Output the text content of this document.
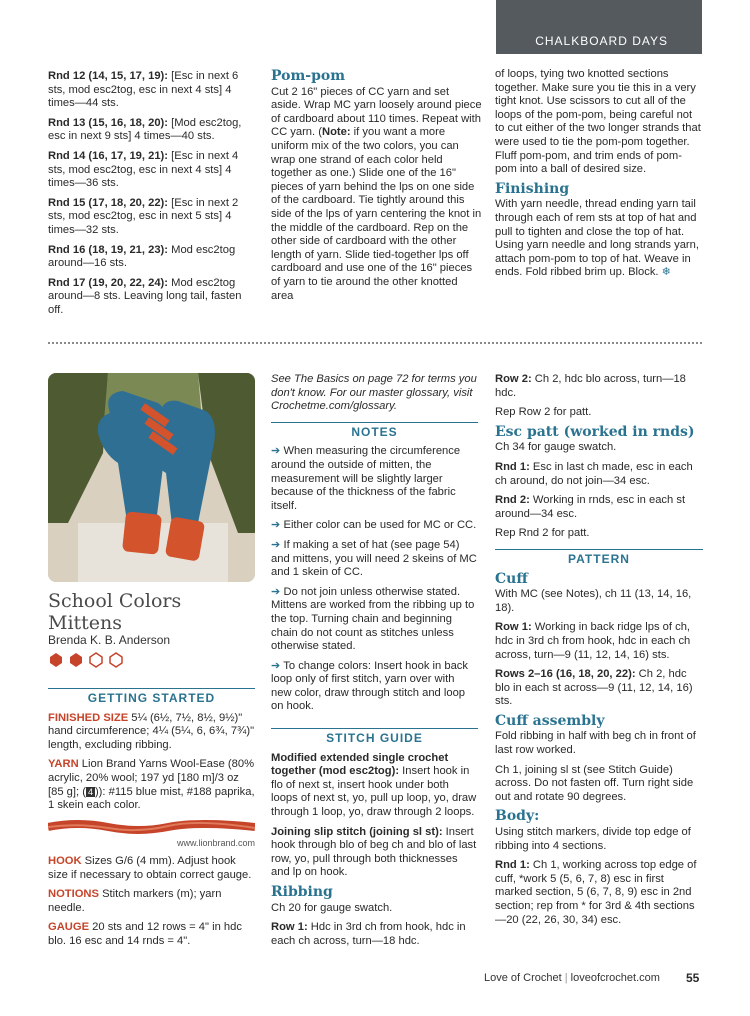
CHALKBOARD DAYS

Rnd 12 (14, 15, 17, 19): [Esc in next 6 sts, mod esc2tog, esc in next 4 sts] 4 times—44 sts.

Rnd 13 (15, 16, 18, 20): [Mod esc2tog, esc in next 9 sts] 4 times—40 sts.

Rnd 14 (16, 17, 19, 21): [Esc in next 4 sts, mod esc2tog, esc in next 4 sts] 4 times—36 sts.

Rnd 15 (17, 18, 20, 22): [Esc in next 2 sts, mod esc2tog, esc in next 5 sts] 4 times—32 sts.

Rnd 16 (18, 19, 21, 23): Mod esc2tog around—16 sts.

Rnd 17 (19, 20, 22, 24): Mod esc2tog around—8 sts. Leaving long tail, fasten off.

Pom-pom

Cut 2 16" pieces of CC yarn and set aside. Wrap MC yarn loosely around piece of cardboard about 110 times. Repeat with CC yarn. (Note: if you want a more uniform mix of the two colors, you can wrap one strand of each color held together as one.) Slide one of the 16" pieces of yarn behind the lps on one side of the cardboard. Tie tightly around this side of the lps of yarn centering the knot in the middle of the cardboard. Rep on the other side of cardboard with the other length of yarn. Slide tied-together lps off cardboard and use one of the 16" pieces of yarn to tie around the other knotted area

of loops, tying two knotted sections together. Make sure you tie this in a very tight knot. Use scissors to cut all of the loops of the pom-pom, being careful not to cut either of the two longer strands that were used to tie the pom-pom together. Fluff pom-pom, and trim ends of pom-pom into a ball of desired size.

Finishing

With yarn needle, thread ending yarn tail through each of rem sts at top of hat and pull to tighten and close the top of hat. Using yarn needle and long strands yarn, attach pom-pom to top of hat. Weave in ends. Fold ribbed brim up. Block. ❄

School Colors Mittens
Brenda K. B. Anderson
GETTING STARTED

FINISHED SIZE 5¼ (6½, 7½, 8½, 9½)" hand circumference; 4¼ (5¼, 6, 6¾, 7¾)" length, excluding ribbing.

YARN Lion Brand Yarns Wool-Ease (80% acrylic, 20% wool; 197 yd [180 m]/3 oz [85 g]; ( 4 )): #115 blue mist, #188 paprika, 1 skein each color.

www.lionbrand.com

HOOK Sizes G/6 (4 mm). Adjust hook size if necessary to obtain correct gauge.

NOTIONS Stitch markers (m); yarn needle.

GAUGE 20 sts and 12 rows = 4" in hdc blo. 16 esc and 14 rnds = 4".

See The Basics on page 72 for terms you don't know. For our master glossary, visit Crochetme.com/glossary.

NOTES

➔ When measuring the circumference around the outside of mitten, the measurement will be slightly larger because of the thickness of the fabric itself.

➔ Either color can be used for MC or CC.

➔ If making a set of hat (see page 54) and mittens, you will need 2 skeins of MC and 1 skein of CC.

➔ Do not join unless otherwise stated. Mittens are worked from the ribbing up to the top. Turning chain and beginning chain do not count as stitches unless otherwise stated.

➔ To change colors: Insert hook in back loop only of first stitch, yarn over with new color, draw through stitch and loop on hook.

STITCH GUIDE

Modified extended single crochet together (mod esc2tog): Insert hook in flo of next st, insert hook under both loops of next st, yo, pull up loop, yo, draw through 1 loop, yo, draw through 2 loops.

Joining slip stitch (joining sl st): Insert hook through blo of beg ch and blo of last row, yo, pull through both thicknesses and lp on hook.

Ribbing

Ch 20 for gauge swatch.

Row 1: Hdc in 3rd ch from hook, hdc in each ch across, turn—18 hdc.

Row 2: Ch 2, hdc blo across, turn—18 hdc.

Rep Row 2 for patt.

Esc patt (worked in rnds)

Ch 34 for gauge swatch.

Rnd 1: Esc in last ch made, esc in each ch around, do not join—34 esc.

Rnd 2: Working in rnds, esc in each st around—34 esc.

Rep Rnd 2 for patt.

PATTERN
Cuff

With MC (see Notes), ch 11 (13, 14, 16, 18).

Row 1: Working in back ridge lps of ch, hdc in 3rd ch from hook, hdc in each ch across, turn—9 (11, 12, 14, 16) sts.

Rows 2–16 (16, 18, 20, 22): Ch 2, hdc blo in each st across—9 (11, 12, 14, 16) sts.

Cuff assembly

Fold ribbing in half with beg ch in front of last row worked.

Ch 1, joining sl st (see Stitch Guide) across. Do not fasten off. Turn right side out and rotate 90 degrees.

Body:

Using stitch markers, divide top edge of ribbing into 4 sections.

Rnd 1: Ch 1, working across top edge of cuff, *work 5 (5, 6, 7, 8) esc in first marked section, 5 (6, 7, 8, 9) esc in 2nd section; rep from * for 3rd & 4th sections—20 (22, 26, 30, 34) esc.

Love of Crochet | loveofcrochet.com 55
